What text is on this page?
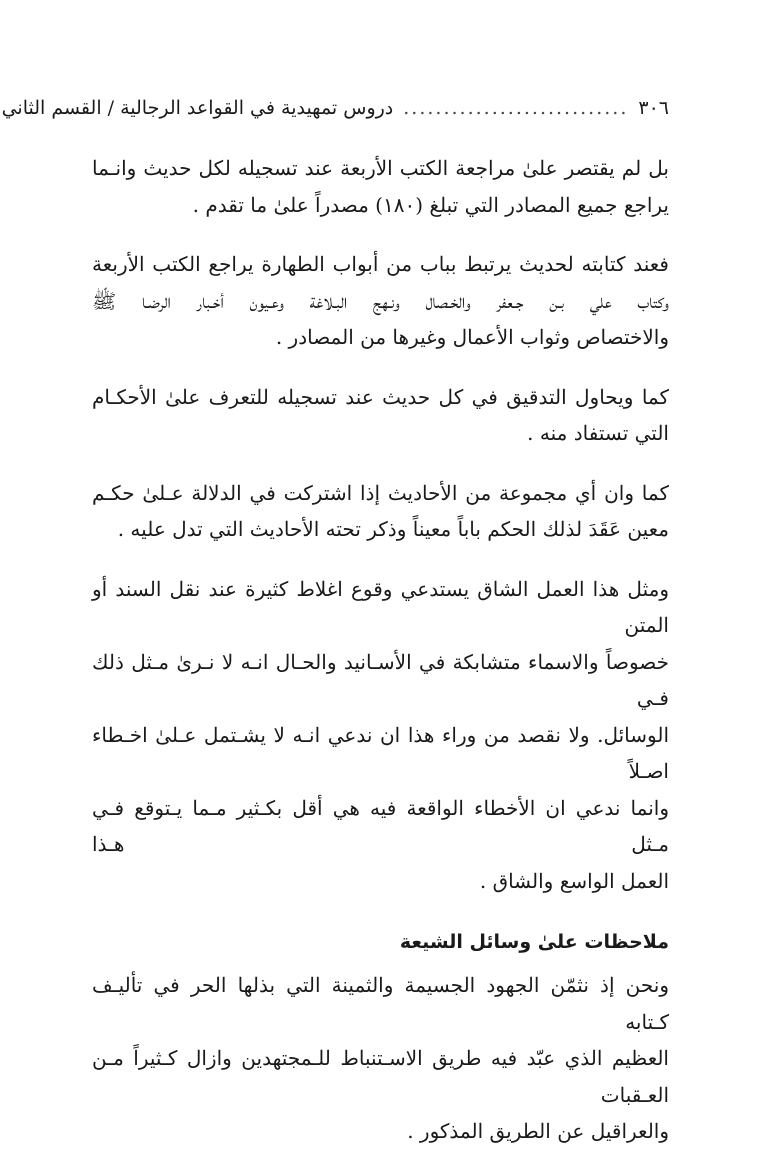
٣٠٦
............................
دروس تمهيدية في القواعد الرجالية / القسم الثاني

بل لم يقتصر علىٰ مراجعة الكتب الأربعة عند تسجيله لكل حديث وانـما
يراجع جميع المصادر التي تبلغ (١٨٠) مصدراً علىٰ ما تقدم .

فعند كتابته لحديث يرتبط بباب من أبواب الطهارة يراجع الكتب الأربعة
وكتاب علي بـن جـعفر والخـصال ونـهج البـلاغة وعـيون أخـبار الرضـا ﷺ
والاختصاص وثواب الأعمال وغيرها من المصادر .

كما ويحاول التدقيق في كل حديث عند تسجيله للتعرف علىٰ الأحكـام
التي تستفاد منه .

كما وان أي مجموعة من الأحاديث إذا اشتركت في الدلالة عـلىٰ حكـم
معين عَقَدَ لذلك الحكم باباً معيناً وذكر تحته الأحاديث التي تدل عليه .

ومثل هذا العمل الشاق يستدعي وقوع اغلاط كثيرة عند نقل السند أو المتن
خصوصاً والاسماء متشابكة في الأسـانيد والحـال انـه لا نـرىٰ مـثل ذلك فـي
الوسائل. ولا نقصد من وراء هذا ان ندعي انـه لا يشـتمل عـلىٰ اخـطاء اصـلاً
وانما ندعي ان الأخطاء الواقعة فيه هي أقل بكـثير مـما يـتوقع فـي مـثل هـذا
العمل الواسع والشاق .

ملاحظات علىٰ وسائل الشيعة

ونحن إذ نثمّن الجهود الجسيمة والثمينة التي بذلها الحر في تأليـف كـتابه
العظيم الذي عبّد فيه طريق الاسـتنباط للـمجتهدين وازال كـثيراً مـن العـقبات
والعراقيل عن الطريق المذكور .
